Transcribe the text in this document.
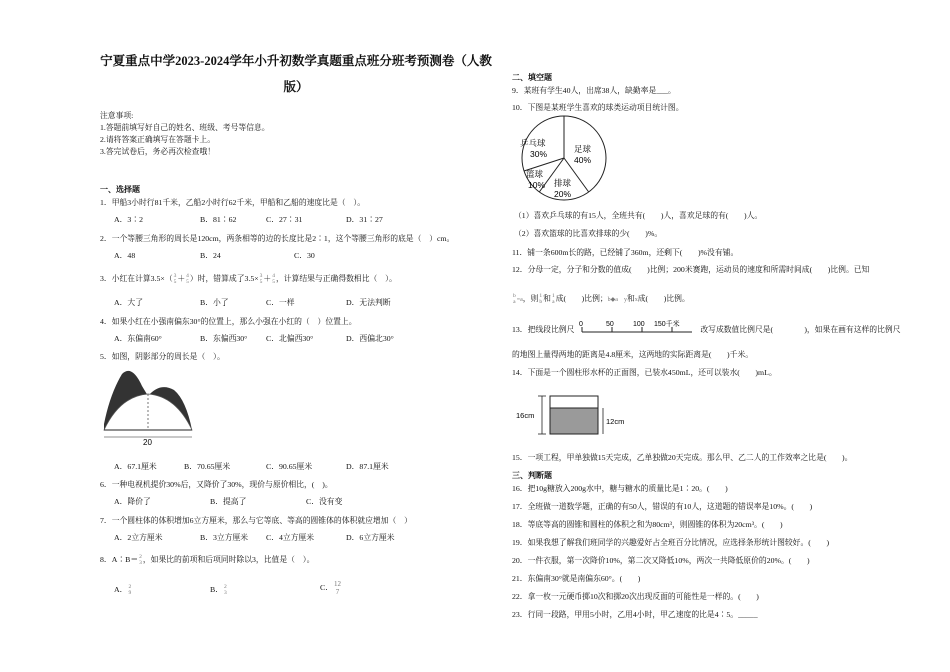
宁夏重点中学2023-2024学年小升初数学真题重点班分班考预测卷（人教
版）
注意事项:
1.答题前填写好自己的姓名、班级、考号等信息。
2.请将答案正确填写在答题卡上。
3.答完试卷后，务必再次检查哦！
一、选择题
1．甲船3小时行81千米，乙船2小时行62千米，甲船和乙船的速度比是（　）。
A．3∶2	B．81∶62	C．27∶31	D．31∶27
2．一个等腰三角形的周长是120cm，两条相等的边的长度比是2∶1，这个等腰三角形的底是（　）cm。
A．48	B．24	C．30
3．小红在计算3.5×（ 3
5 ＋ 4
5 ）时，错算成了3.5× 3
5 ＋ 4
5 ，计算结果与正确得数相比（　）。
A．大了	B．小了	C．一样	D．无法判断
4．如果小红在小强南偏东30°的位置上，那么小强在小红的（　）位置上。
A．东偏南60°	B．东偏西30° C．北偏西30°	D．西偏北30°
5．如图，阴影部分的周长是（　）。
20
A．67.1厘米	B．70.65厘米	C．90.65厘米	D．87.1厘米
6．一种电视机提价30%后，又降价了30%，现价与原价相比，(　)。
A．降价了	B．提高了	C．没有变
7．一个圆柱体的体积增加6立方厘米，那么与它等底、等高的圆锥体的体积就应增加（　）
A．2立方厘米	B．3立方厘米 C．4立方厘米	D．6立方厘米
8．A∶B＝ 2
3 ，如果比的前项和后项同时除以3，比值是（　）。
A． 2
9	B． 2
3
C． 12
7
二、填空题
9．某班有学生40人，出席38人，缺勤率是___。
10．下图是某班学生喜欢的球类运动项目统计图。
乒乓球
30%	足球
40%
排球
20%
篮球
10%
（1）喜欢乒乓球的有15人，全班共有(　　)人，喜欢足球的有(　　)人。
（2）喜欢篮球的比喜欢排球的少(　　)%。
11．铺一条600m长的路，已经铺了360m，还剩下(　　)%没有铺。
12．分母一定，分子和分数的值成(　　)比例；200米赛跑，运动员的速度和所需时间成(　　)比例。已知
b
a =a，则 1
b 和 1
a 成(　　)比例；b◆a　y和x成(　　)比例。
13．把线段比例尺	改写成数值比例尺是(　　　　)，如果在画有这样的比例尺
0	50	100 150千米
的地图上量得两地的距离是4.8厘米，这两地的实际距离是(　　)千米。
14．下面是一个圆柱形水杯的正面图，已装水450mL，还可以装水(　　)mL。
16cm
12cm
15．一项工程，甲单独做15天完成，乙单独做20天完成。那么甲、乙二人的工作效率之比是(　　)。
三、判断题
16．把10g糖放入200g水中，糖与糖水的质量比是1∶20。(　　)
17．全班做一道数学题，正确的有50人，错误的有10人，这道题的错误率是10%。(　　)
18．等底等高的圆锥和圆柱的体积之和为80cm³，则圆锥的体积为20cm³。(　　)
19．如果我想了解我们班同学的兴趣爱好占全班百分比情况，应选择条形统计图较好。(　　)
20．一件衣服，第一次降价10%，第二次又降低10%，两次一共降低原价的20%。(　　)
21．东偏南30°就是南偏东60°。(　　)
22．拿一枚一元硬币掷10次和掷20次出现反面的可能性是一样的。(　　)
23．行同一段路，甲用5小时，乙用4小时，甲乙速度的比是4∶5。_____
